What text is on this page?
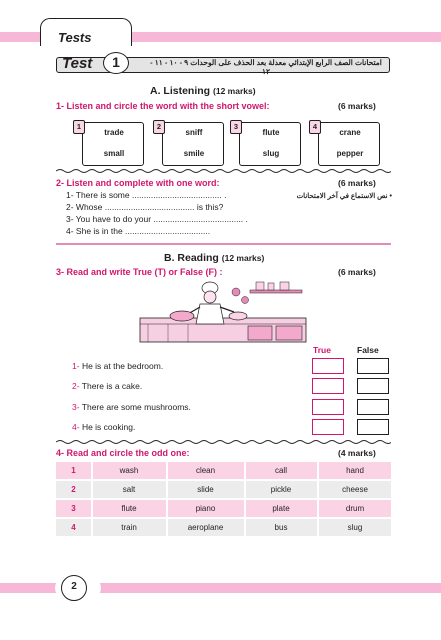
Tests
Test	1	امتحانات الصف الرابع الإبتدائي معدلة بعد الحذف على الوحدات ٩ - ١٠ - ١١ - ١٢
A. Listening (12 marks)
1- Listen and circle the word with the short vowel:	(6 marks)
trade
small
1
sniff
smile
2
flute
slug
3
crane
pepper
4
2- Listen and complete with one word:	(6 marks)
• نص الاستماع في آخر الامتحانات
1- There is some ...................................... .
2- Whose ...................................... is this?
3- You have to do your ...................................... .
4- She is in the ....................................
B. Reading (12 marks)
3- Read and write True (T) or False (F) :	(6 marks)
True	False
1- He is at the bedroom.
2- There is a cake.
3- There are some mushrooms.
4- He is cooking.
4- Read and circle the odd one:	(4 marks)
1	wash	clean	call	hand
2	salt	slide	pickle	cheese
3	flute	piano	plate	drum
4	train	aeroplane	bus	slug
2
